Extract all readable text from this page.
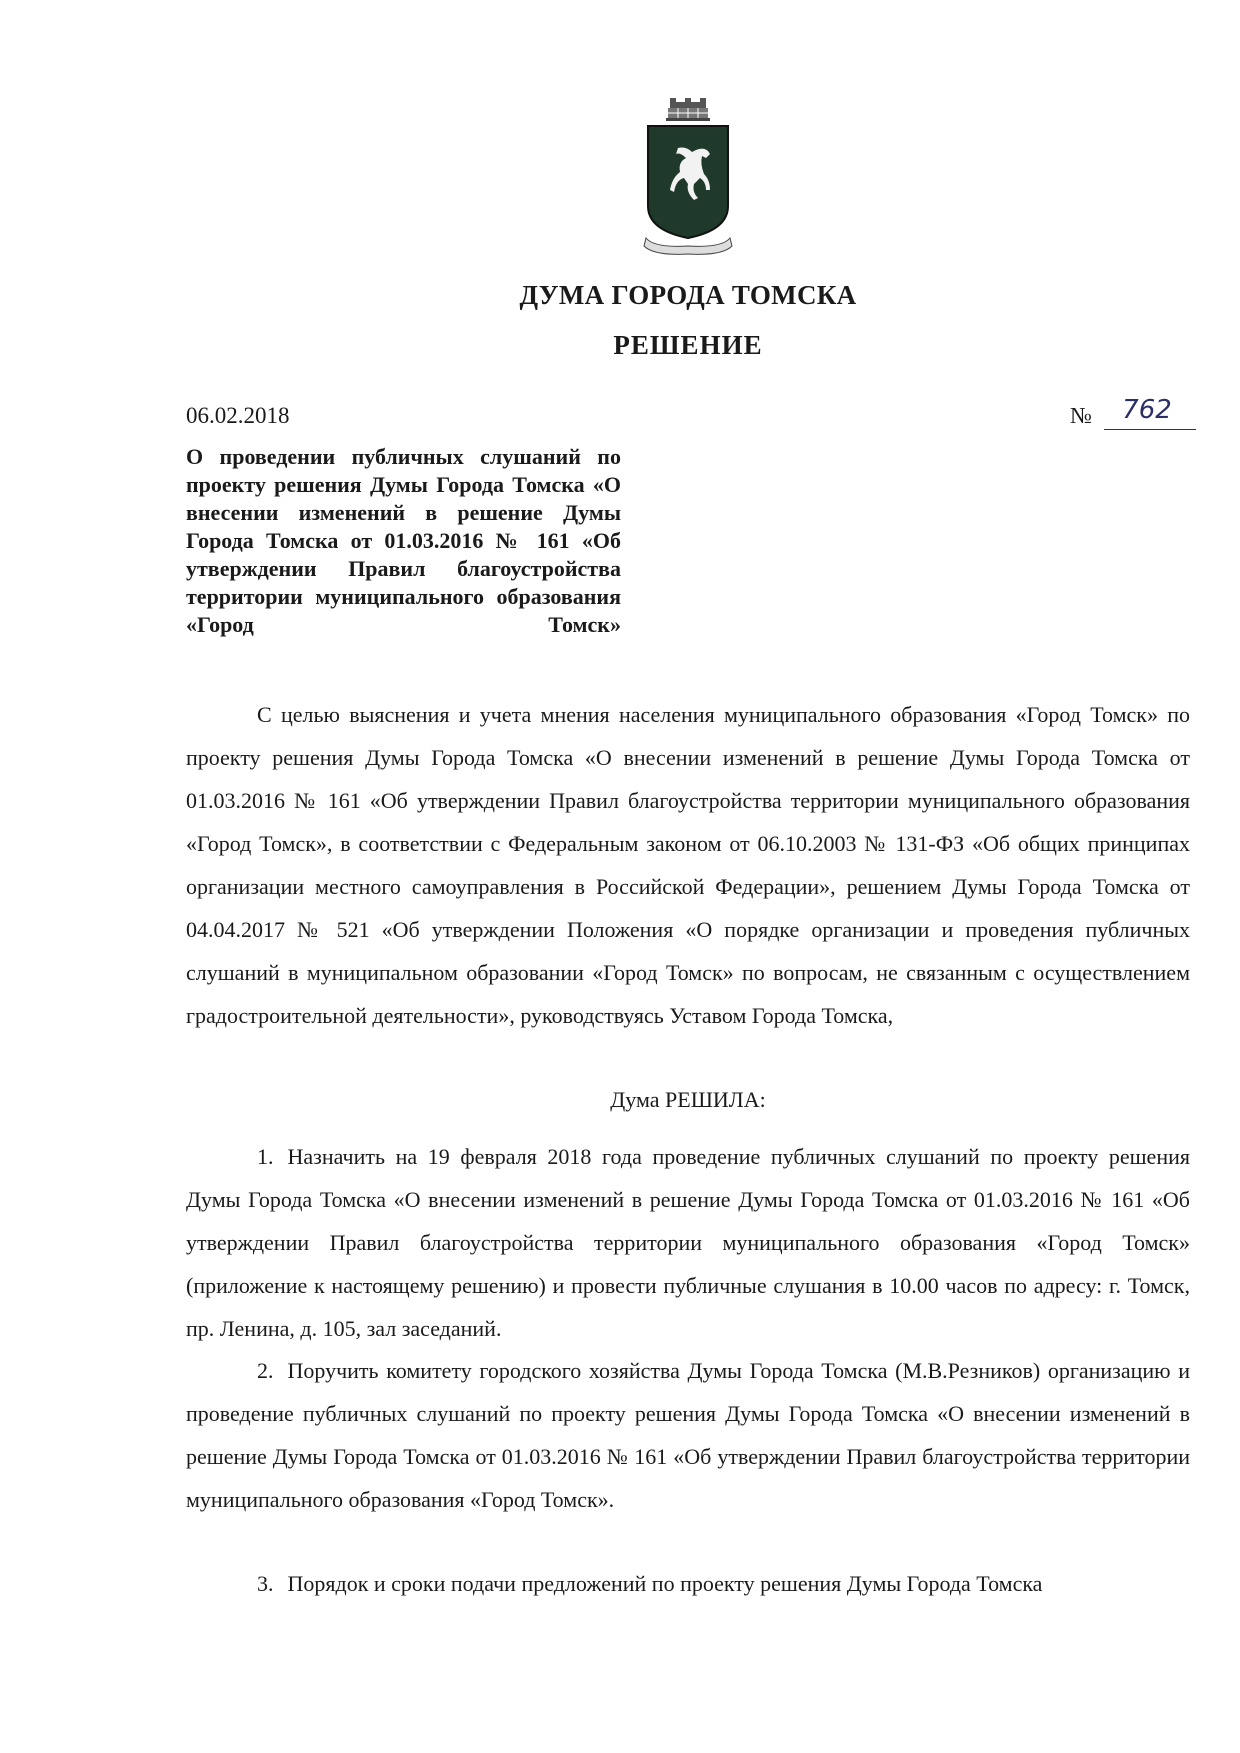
ДУМА ГОРОДА ТОМСКА
РЕШЕНИЕ
06.02.2018	№	762
О проведении публичных слушаний по проекту решения Думы Города Томска «О внесении изменений в решение Думы Города Томска от 01.03.2016 № 161 «Об утверждении Правил благоустройства территории муниципального образования «Город Томск»

С целью выяснения и учета мнения населения муниципального образования «Город Томск» по проекту решения Думы Города Томска «О внесении изменений в решение Думы Города Томска от 01.03.2016 № 161 «Об утверждении Правил благоустройства территории муниципального образования «Город Томск», в соответствии с Федеральным законом от 06.10.2003 № 131-ФЗ «Об общих принципах организации местного самоуправления в Российской Федерации», решением Думы Города Томска от 04.04.2017 № 521 «Об утверждении Положения «О порядке организации и проведения публичных слушаний в муниципальном образовании «Город Томск» по вопросам, не связанным с осуществлением градостроительной деятельности», руководствуясь Уставом Города Томска,

Дума РЕШИЛА:

1. Назначить на 19 февраля 2018 года проведение публичных слушаний по проекту решения Думы Города Томска «О внесении изменений в решение Думы Города Томска от 01.03.2016 № 161 «Об утверждении Правил благоустройства территории муниципального образования «Город Томск» (приложение к настоящему решению) и провести публичные слушания в 10.00 часов по адресу: г. Томск, пр. Ленина, д. 105, зал заседаний.

2. Поручить комитету городского хозяйства Думы Города Томска (М.В.Резников) организацию и проведение публичных слушаний по проекту решения Думы Города Томска «О внесении изменений в решение Думы Города Томска от 01.03.2016 № 161 «Об утверждении Правил благоустройства территории муниципального образования «Город Томск».

3. Порядок и сроки подачи предложений по проекту решения Думы Города Томска
